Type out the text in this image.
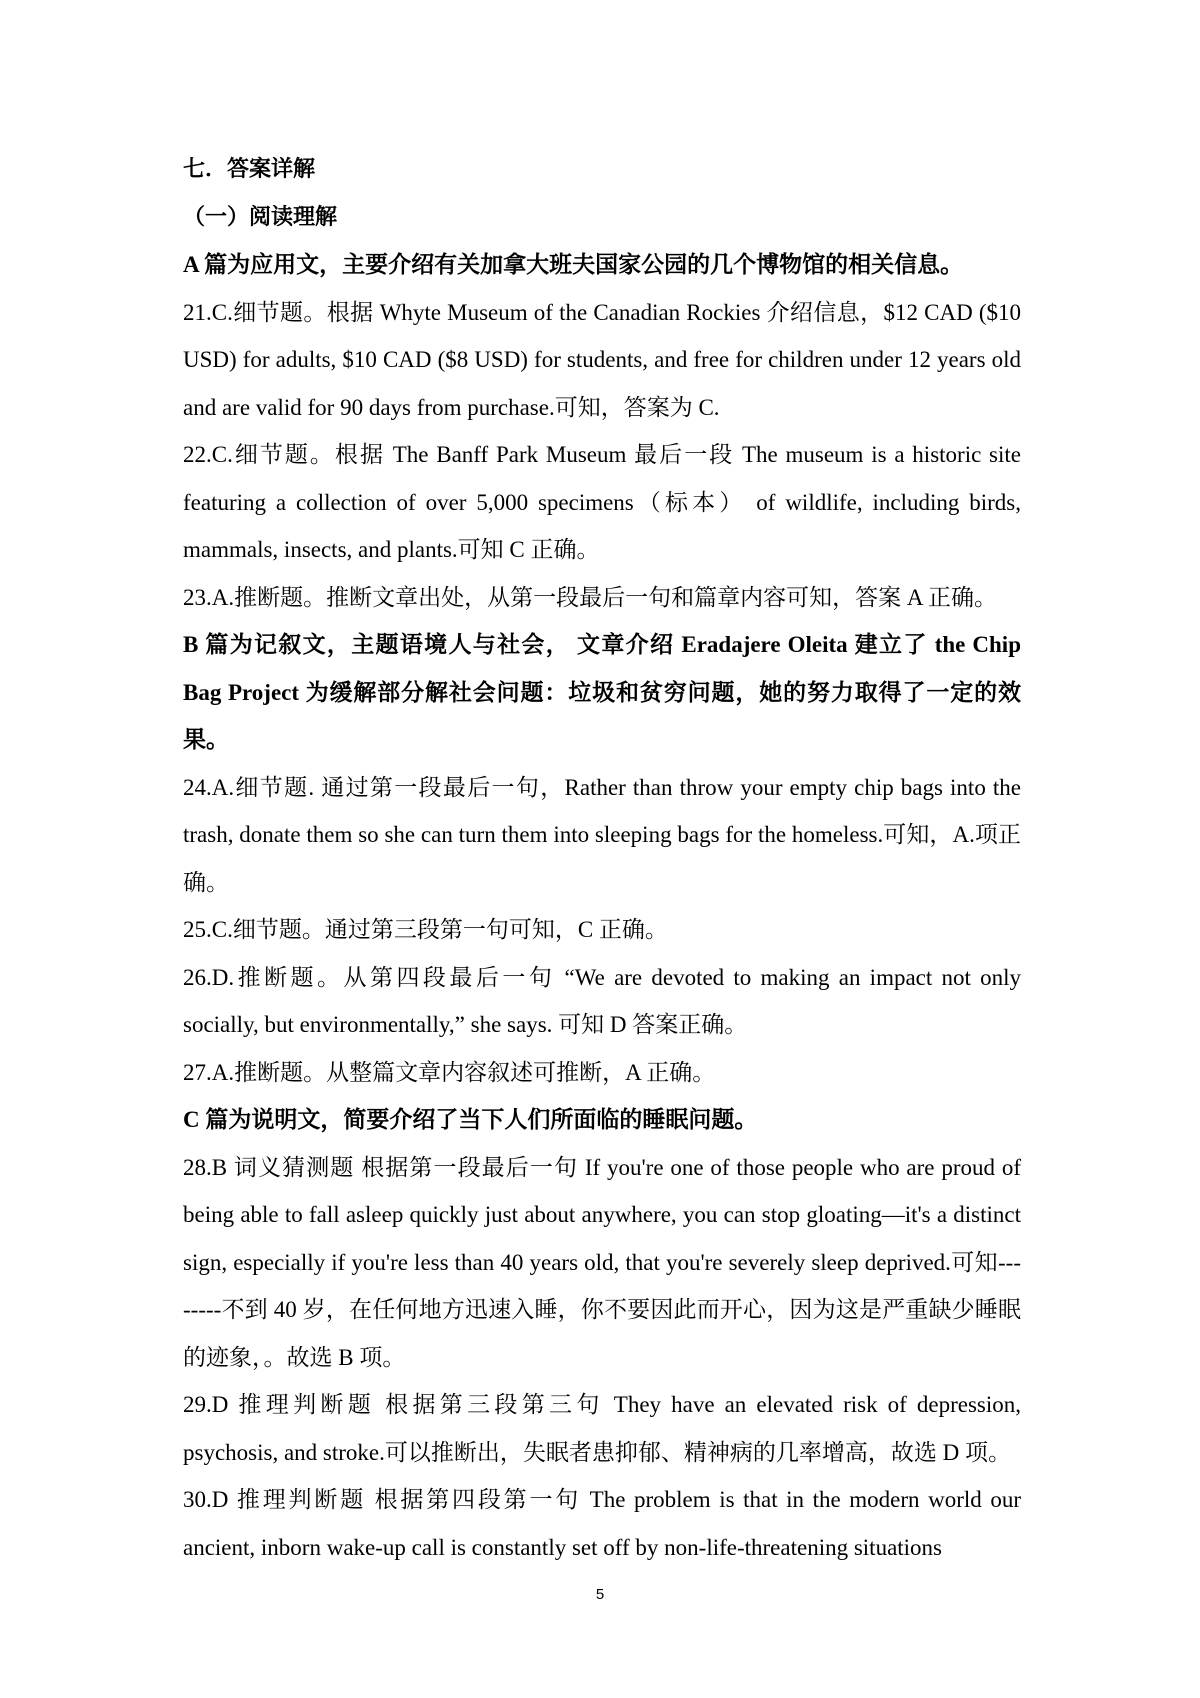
七．答案详解

（一）阅读理解

A 篇为应用文，主要介绍有关加拿大班夫国家公园的几个博物馆的相关信息。

21.C.细节题。根据 Whyte Museum of the Canadian Rockies 介绍信息，$12 CAD ($10 USD) for adults, $10 CAD ($8 USD) for students, and free for children under 12 years old and are valid for 90 days from purchase.可知，答案为 C.

22.C.细节题。根据 The Banff Park Museum 最后一段 The museum is a historic site featuring a collection of over 5,000 specimens（标本） of wildlife, including birds, mammals, insects, and plants.可知 C 正确。

23.A.推断题。推断文章出处，从第一段最后一句和篇章内容可知，答案 A 正确。

B 篇为记叙文，主题语境人与社会， 文章介绍 Eradajere Oleita 建立了 the Chip Bag Project 为缓解部分解社会问题：垃圾和贫穷问题，她的努力取得了一定的效果。

24.A.细节题. 通过第一段最后一句，Rather than throw your empty chip bags into the trash, donate them so she can turn them into sleeping bags for the homeless.可知，A.项正确。

25.C.细节题。通过第三段第一句可知，C 正确。

26.D.推断题。从第四段最后一句 “We are devoted to making an impact not only socially, but environmentally,” she says. 可知 D 答案正确。

27.A.推断题。从整篇文章内容叙述可推断，A 正确。

C 篇为说明文，简要介绍了当下人们所面临的睡眠问题。

28.B 词义猜测题 根据第一段最后一句 If you're one of those people who are proud of being able to fall asleep quickly just about anywhere, you can stop gloating—it's a distinct sign, especially if you're less than 40 years old, that you're severely sleep deprived.可知--------不到 40 岁，在任何地方迅速入睡，你不要因此而开心，因为这是严重缺少睡眠的迹象，。故选 B 项。

29.D 推理判断题 根据第三段第三句 They have an elevated risk of depression, psychosis, and stroke.可以推断出，失眠者患抑郁、精神病的几率增高，故选 D 项。

30.D 推理判断题 根据第四段第一句 The problem is that in the modern world our ancient, inborn wake-up call is constantly set off by non-life-threatening situations

5
